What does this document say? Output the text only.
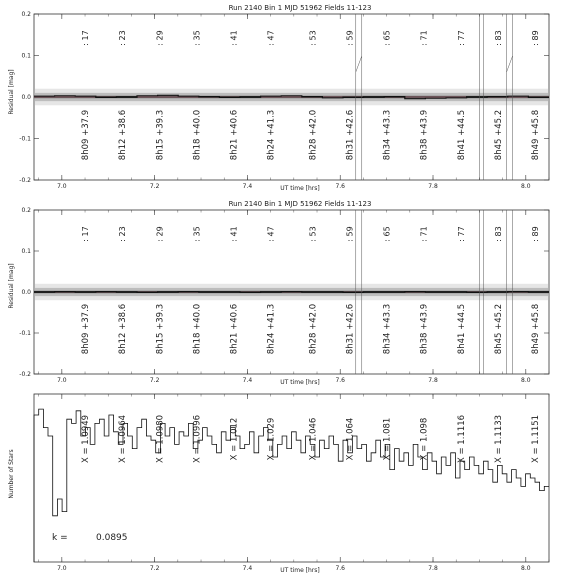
Run 2140 Bin 1 MJD 51962 Fields 11-123
Residual [mag]
UT time [hrs]
7.0	7.2	7.4	7.6	7.8	8.0
-0.2
-0.1
0.0
0.1
0.2
: 17
8h09 +37.9
: 23
8h12 +38.6
: 29
8h15 +39.3
: 35
8h18 +40.0
: 41
8h21 +40.6
: 47
8h24 +41.3
: 53
8h28 +42.0
: 59
8h31 +42.6
: 65
8h34 +43.3
: 71
8h38 +43.9
: 77
8h41 +44.5
: 83
8h45 +45.2
: 89
8h49 +45.8
Run 2140 Bin 1 MJD 51962 Fields 11-123
Residual [mag]
UT time [hrs]
7.0	7.2	7.4	7.6	7.8	8.0
-0.2
-0.1
0.0
0.1
0.2
: 17
8h09 +37.9
: 23
8h12 +38.6
: 29
8h15 +39.3
: 35
8h18 +40.0
: 41
8h21 +40.6
: 47
8h24 +41.3
: 53
8h28 +42.0
: 59
8h31 +42.6
: 65
8h34 +43.3
: 71
8h38 +43.9
: 77
8h41 +44.5
: 83
8h45 +45.2
: 89
8h49 +45.8
Number of Stars
UT time [hrs]
7.0	7.2	7.4	7.6	7.8	8.0
X = 1.0949	X = 1.0964	X = 1.0980	X = 1.0996	X = 1.012	X = 1.029	X = 1.046	X = 1.064	X = 1.081	X = 1.098	X = 1.1116	X = 1.1133	X = 1.1151
k =	0.0895
